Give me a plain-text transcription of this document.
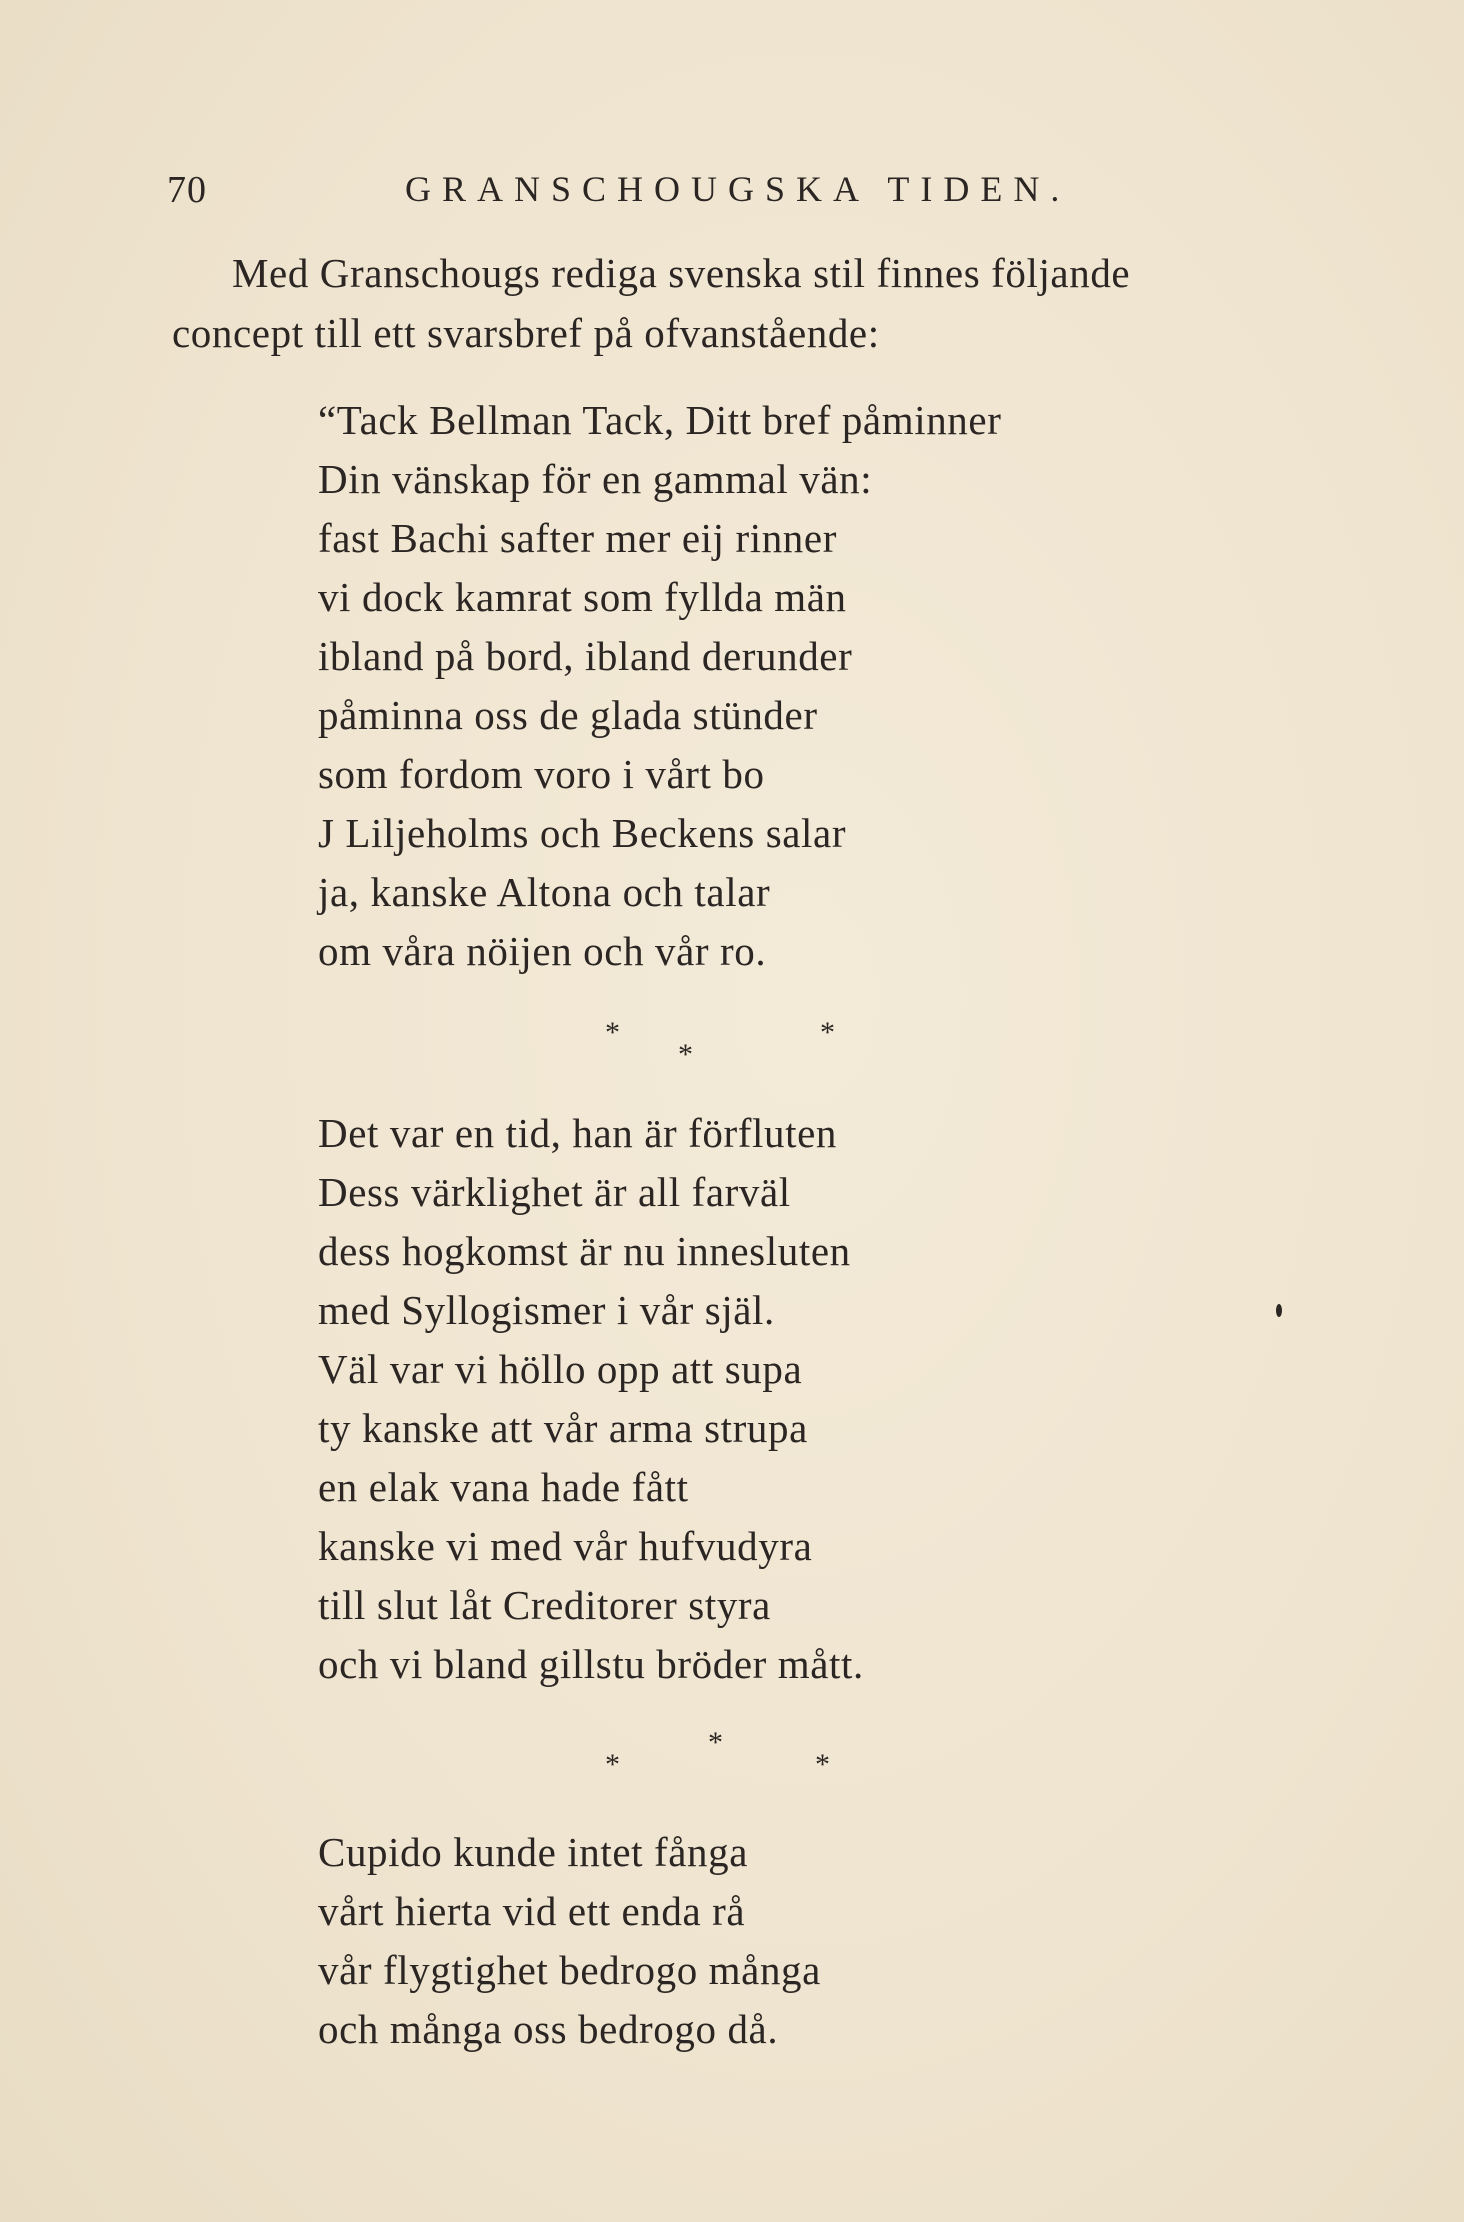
70	GRANSCHOUGSKA TIDEN.
Med Granschougs rediga svenska stil finnes följande
concept till ett svarsbref på ofvanstående:
“Tack Bellman Tack, Ditt bref påminner
Din vänskap för en gammal vän:
fast Bachi safter mer eij rinner
vi dock kamrat som fyllda män
ibland på bord, ibland derunder
påminna oss de glada stünder
som fordom voro i vårt bo
J Liljeholms och Beckens salar
ja, kanske Altona och talar
om våra nöijen och vår ro.
*
*
*
Det var en tid, han är förfluten
Dess värklighet är all farväl
dess hogkomst är nu innesluten
med Syllogismer i vår själ.
Väl var vi höllo opp att supa
ty kanske att vår arma strupa
en elak vana hade fått
kanske vi med vår hufvudyra
till slut låt Creditorer styra
och vi bland gillstu bröder mått.
*
*
*
Cupido kunde intet fånga
vårt hierta vid ett enda rå
vår flygtighet bedrogo många
och många oss bedrogo då.
